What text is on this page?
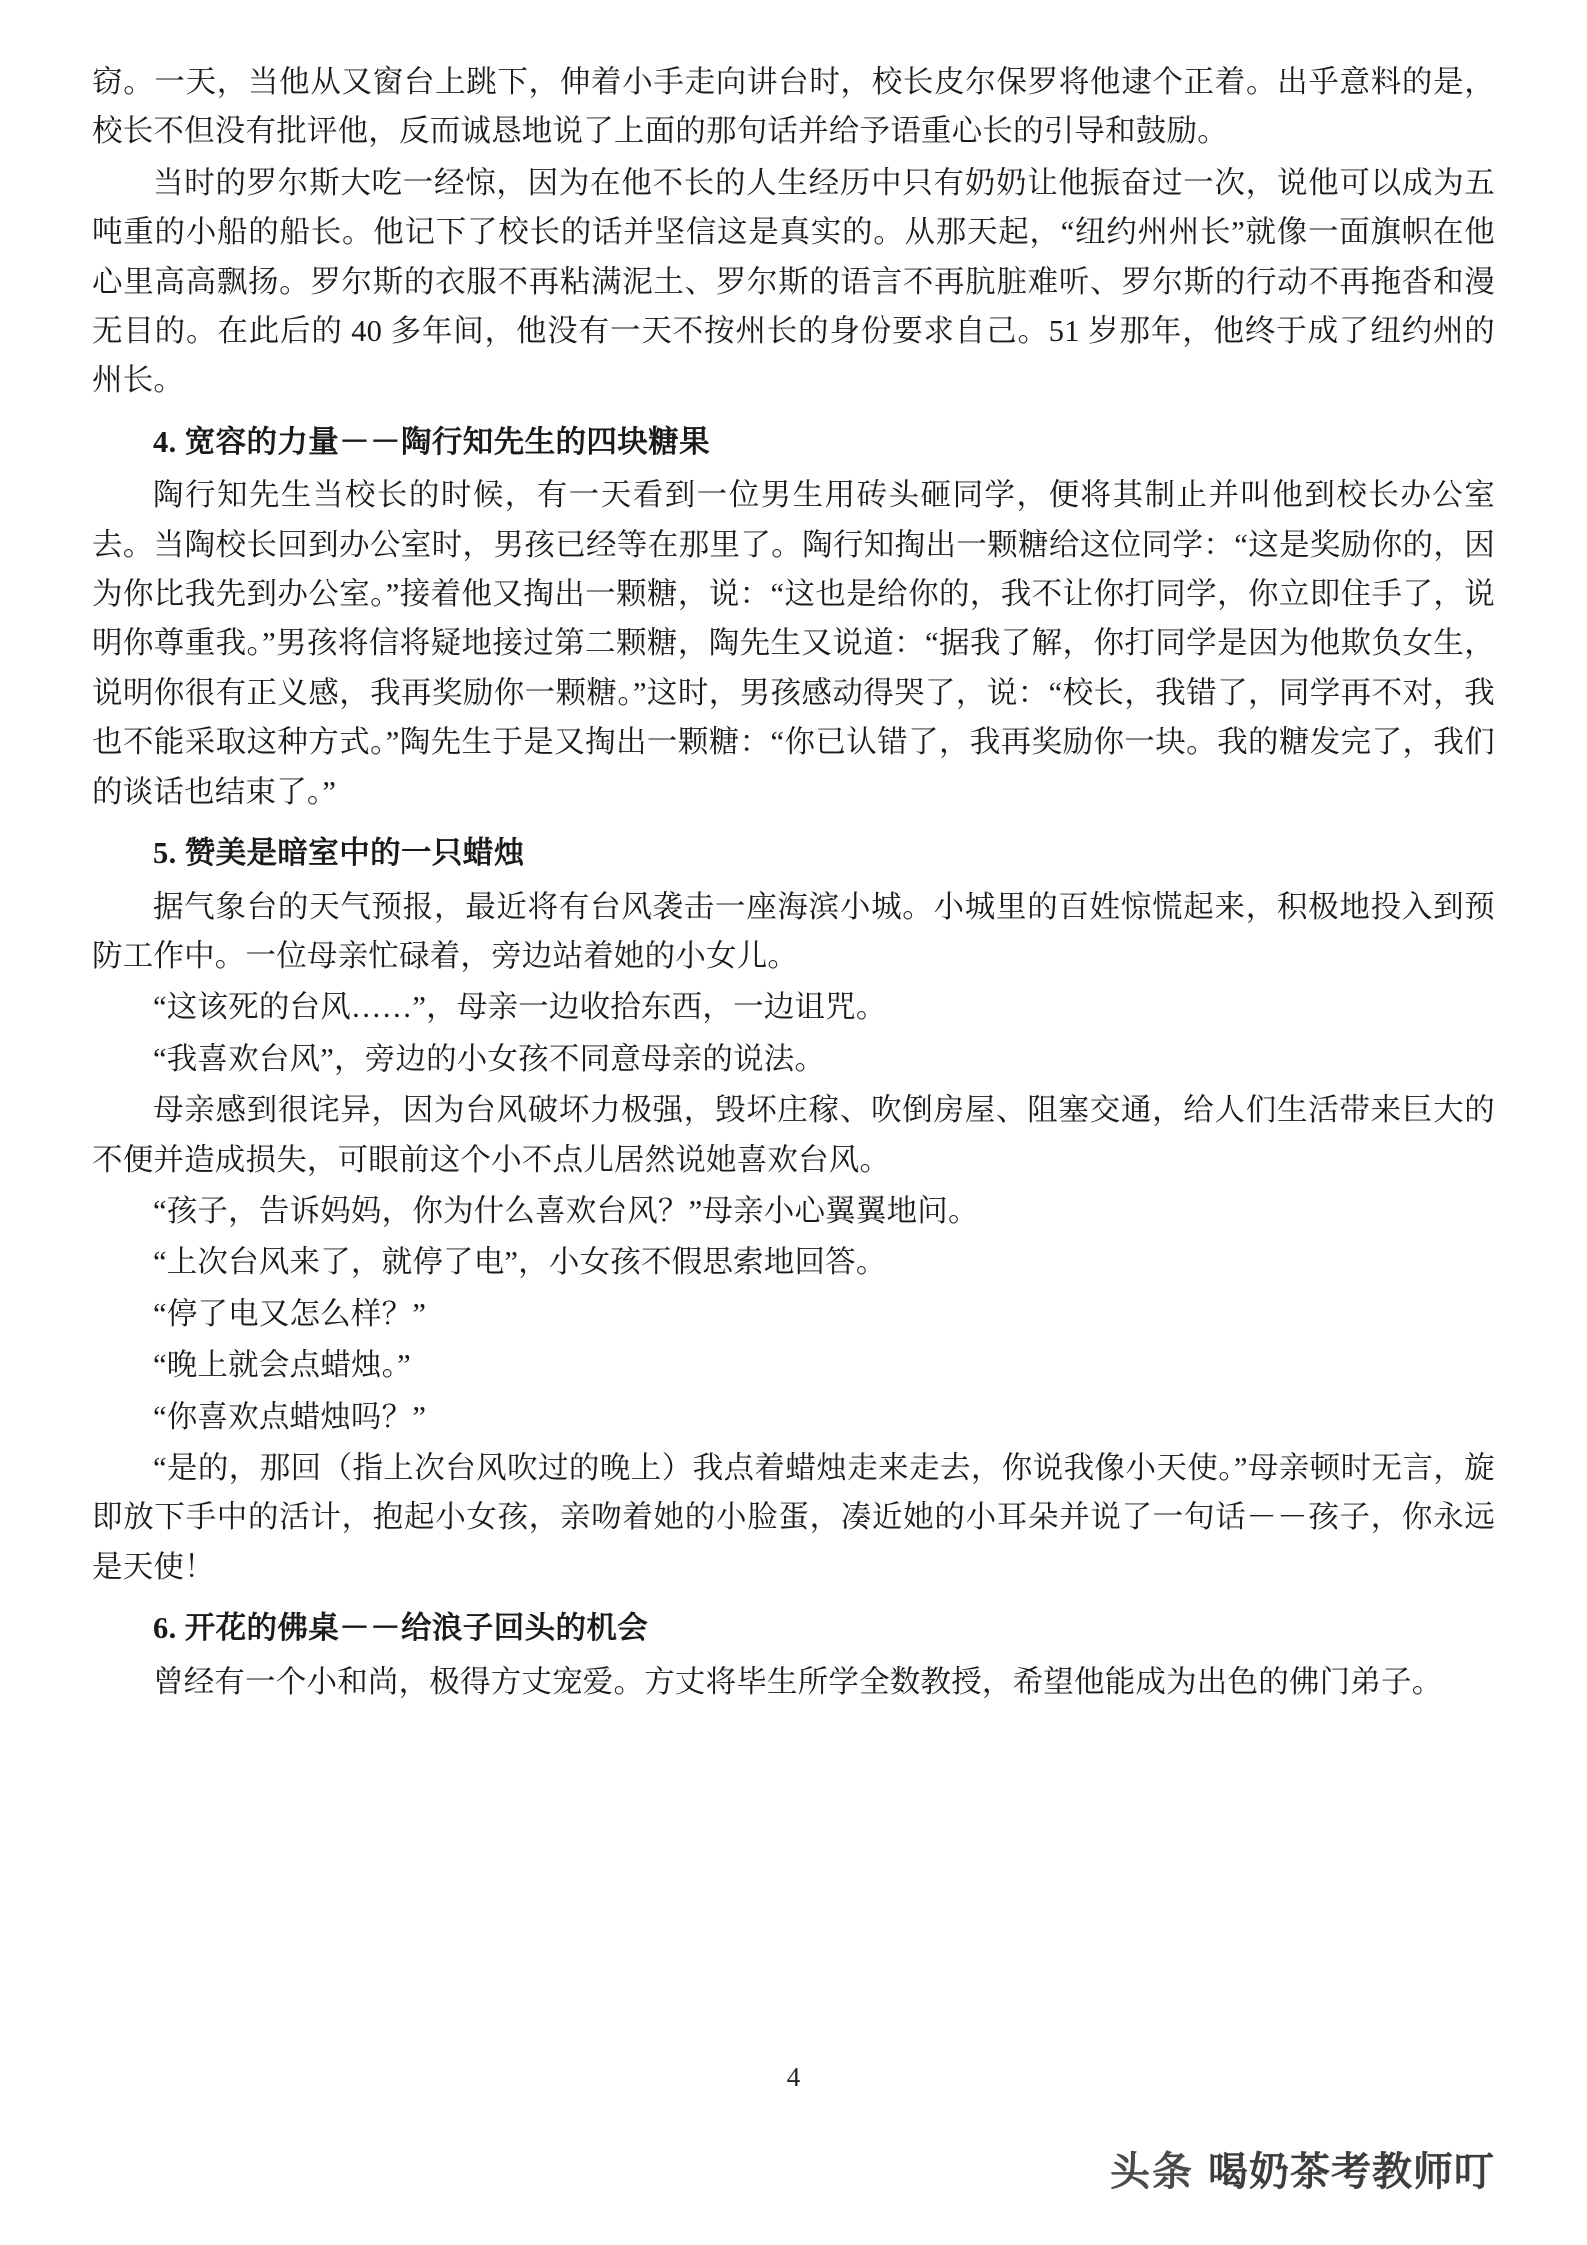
窃。一天，当他从又窗台上跳下，伸着小手走向讲台时，校长皮尔保罗将他逮个正着。出乎意料的是，校长不但没有批评他，反而诚恳地说了上面的那句话并给予语重心长的引导和鼓励。

当时的罗尔斯大吃一经惊，因为在他不长的人生经历中只有奶奶让他振奋过一次，说他可以成为五吨重的小船的船长。他记下了校长的话并坚信这是真实的。从那天起，“纽约州州长”就像一面旗帜在他心里高高飘扬。罗尔斯的衣服不再粘满泥土、罗尔斯的语言不再肮脏难听、罗尔斯的行动不再拖沓和漫无目的。在此后的 40 多年间，他没有一天不按州长的身份要求自己。51 岁那年，他终于成了纽约州的州长。

4. 宽容的力量－－陶行知先生的四块糖果

陶行知先生当校长的时候，有一天看到一位男生用砖头砸同学，便将其制止并叫他到校长办公室去。当陶校长回到办公室时，男孩已经等在那里了。陶行知掏出一颗糖给这位同学：“这是奖励你的，因为你比我先到办公室。”接着他又掏出一颗糖，说：“这也是给你的，我不让你打同学，你立即住手了，说明你尊重我。”男孩将信将疑地接过第二颗糖，陶先生又说道：“据我了解，你打同学是因为他欺负女生，说明你很有正义感，我再奖励你一颗糖。”这时，男孩感动得哭了，说：“校长，我错了，同学再不对，我也不能采取这种方式。”陶先生于是又掏出一颗糖：“你已认错了，我再奖励你一块。我的糖发完了，我们的谈话也结束了。”

5. 赞美是暗室中的一只蜡烛

据气象台的天气预报，最近将有台风袭击一座海滨小城。小城里的百姓惊慌起来，积极地投入到预防工作中。一位母亲忙碌着，旁边站着她的小女儿。

“这该死的台风……”，母亲一边收拾东西，一边诅咒。

“我喜欢台风”，旁边的小女孩不同意母亲的说法。

母亲感到很诧异，因为台风破坏力极强，毁坏庄稼、吹倒房屋、阻塞交通，给人们生活带来巨大的不便并造成损失，可眼前这个小不点儿居然说她喜欢台风。

“孩子，告诉妈妈，你为什么喜欢台风？”母亲小心翼翼地问。

“上次台风来了，就停了电”，小女孩不假思索地回答。

“停了电又怎么样？”

“晚上就会点蜡烛。”

“你喜欢点蜡烛吗？”

“是的，那回（指上次台风吹过的晚上）我点着蜡烛走来走去，你说我像小天使。”母亲顿时无言，旋即放下手中的活计，抱起小女孩，亲吻着她的小脸蛋，凑近她的小耳朵并说了一句话－－孩子，你永远是天使！

6. 开花的佛桌－－给浪子回头的机会

曾经有一个小和尚，极得方丈宠爱。方丈将毕生所学全数教授，希望他能成为出色的佛门弟子。

4
头条 喝奶茶考教师叮
